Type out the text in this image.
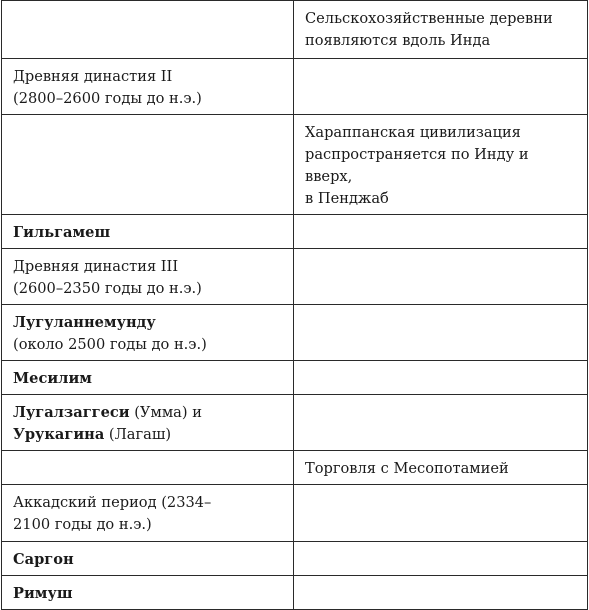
	Сельскохозяйственные деревни
появляются вдоль Инда

Древняя династия II
(2800–2600 годы до н.э.)	

	Хараппанская цивилизация
распространяется по Инду и вверх,
в Пенджаб

Гильгамеш	

Древняя династия III
(2600–2350 годы до н.э.)	

Лугуланнемунду
(около 2500 годы до н.э.)	

Месилим	

Лугалзаггеси (Умма) и
Урукагина (Лагаш)	

	Торговля с Месопотамией

Аккадский период (2334–
2100 годы до н.э.)	

Саргон	

Римуш	
